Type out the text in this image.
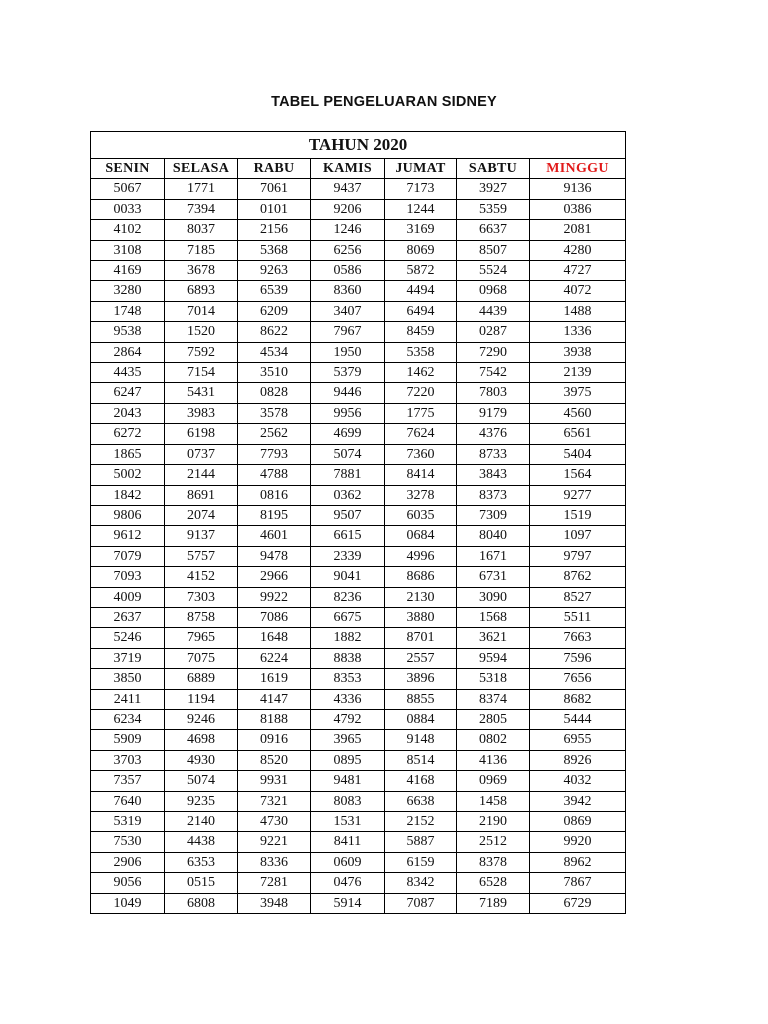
TABEL PENGELUARAN SIDNEY
TAHUN 2020						
SENIN	SELASA	RABU	KAMIS	JUMAT	SABTU	MINGGU
5067	1771	7061	9437	7173	3927	9136
0033	7394	0101	9206	1244	5359	0386
4102	8037	2156	1246	3169	6637	2081
3108	7185	5368	6256	8069	8507	4280
4169	3678	9263	0586	5872	5524	4727
3280	6893	6539	8360	4494	0968	4072
1748	7014	6209	3407	6494	4439	1488
9538	1520	8622	7967	8459	0287	1336
2864	7592	4534	1950	5358	7290	3938
4435	7154	3510	5379	1462	7542	2139
6247	5431	0828	9446	7220	7803	3975
2043	3983	3578	9956	1775	9179	4560
6272	6198	2562	4699	7624	4376	6561
1865	0737	7793	5074	7360	8733	5404
5002	2144	4788	7881	8414	3843	1564
1842	8691	0816	0362	3278	8373	9277
9806	2074	8195	9507	6035	7309	1519
9612	9137	4601	6615	0684	8040	1097
7079	5757	9478	2339	4996	1671	9797
7093	4152	2966	9041	8686	6731	8762
4009	7303	9922	8236	2130	3090	8527
2637	8758	7086	6675	3880	1568	5511
5246	7965	1648	1882	8701	3621	7663
3719	7075	6224	8838	2557	9594	7596
3850	6889	1619	8353	3896	5318	7656
2411	1194	4147	4336	8855	8374	8682
6234	9246	8188	4792	0884	2805	5444
5909	4698	0916	3965	9148	0802	6955
3703	4930	8520	0895	8514	4136	8926
7357	5074	9931	9481	4168	0969	4032
7640	9235	7321	8083	6638	1458	3942
5319	2140	4730	1531	2152	2190	0869
7530	4438	9221	8411	5887	2512	9920
2906	6353	8336	0609	6159	8378	8962
9056	0515	7281	0476	8342	6528	7867
1049	6808	3948	5914	7087	7189	6729
